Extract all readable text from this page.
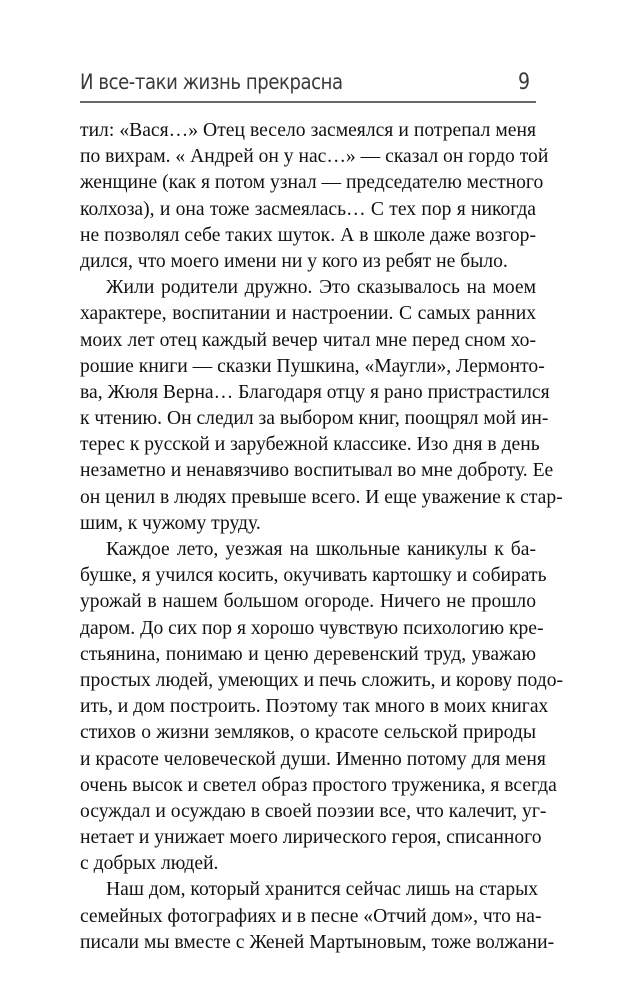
И все-таки жизнь прекрасна	9
тил: «Вася…» Отец весело засмеялся и потрепал меня
по вихрам. « Андрей он у нас…» — сказал он гордо той
женщине (как я потом узнал — председателю местного
колхоза), и она тоже засмеялась… С тех пор я никогда
не позволял себе таких шуток. А в школе даже возгор-
дился, что моего имени ни у кого из ребят не было.
Жили родители дружно. Это сказывалось на моем
характере, воспитании и настроении. С самых ранних
моих лет отец каждый вечер читал мне перед сном хо-
рошие книги — сказки Пушкина, «Маугли», Лермонто-
ва, Жюля Верна… Благодаря отцу я рано пристрастился
к чтению. Он следил за выбором книг, поощрял мой ин-
терес к русской и зарубежной классике. Изо дня в день
незаметно и ненавязчиво воспитывал во мне доброту. Ее
он ценил в людях превыше всего. И еще уважение к стар-
шим, к чужому труду.
Каждое лето, уезжая на школьные каникулы к ба-
бушке, я учился косить, окучивать картошку и собирать
урожай в нашем большом огороде. Ничего не прошло
даром. До сих пор я хорошо чувствую психологию кре-
стьянина, понимаю и ценю деревенский труд, уважаю
простых людей, умеющих и печь сложить, и корову подо-
ить, и дом построить. Поэтому так много в моих книгах
стихов о жизни земляков, о красоте сельской природы
и красоте человеческой души. Именно потому для меня
очень высок и светел образ простого труженика, я всегда
осуждал и осуждаю в своей поэзии все, что калечит, уг-
нетает и унижает моего лирического героя, списанного
с добрых людей.
Наш дом, который хранится сейчас лишь на старых
семейных фотографиях и в песне «Отчий дом», что на-
писали мы вместе с Женей Мартыновым, тоже волжани-
